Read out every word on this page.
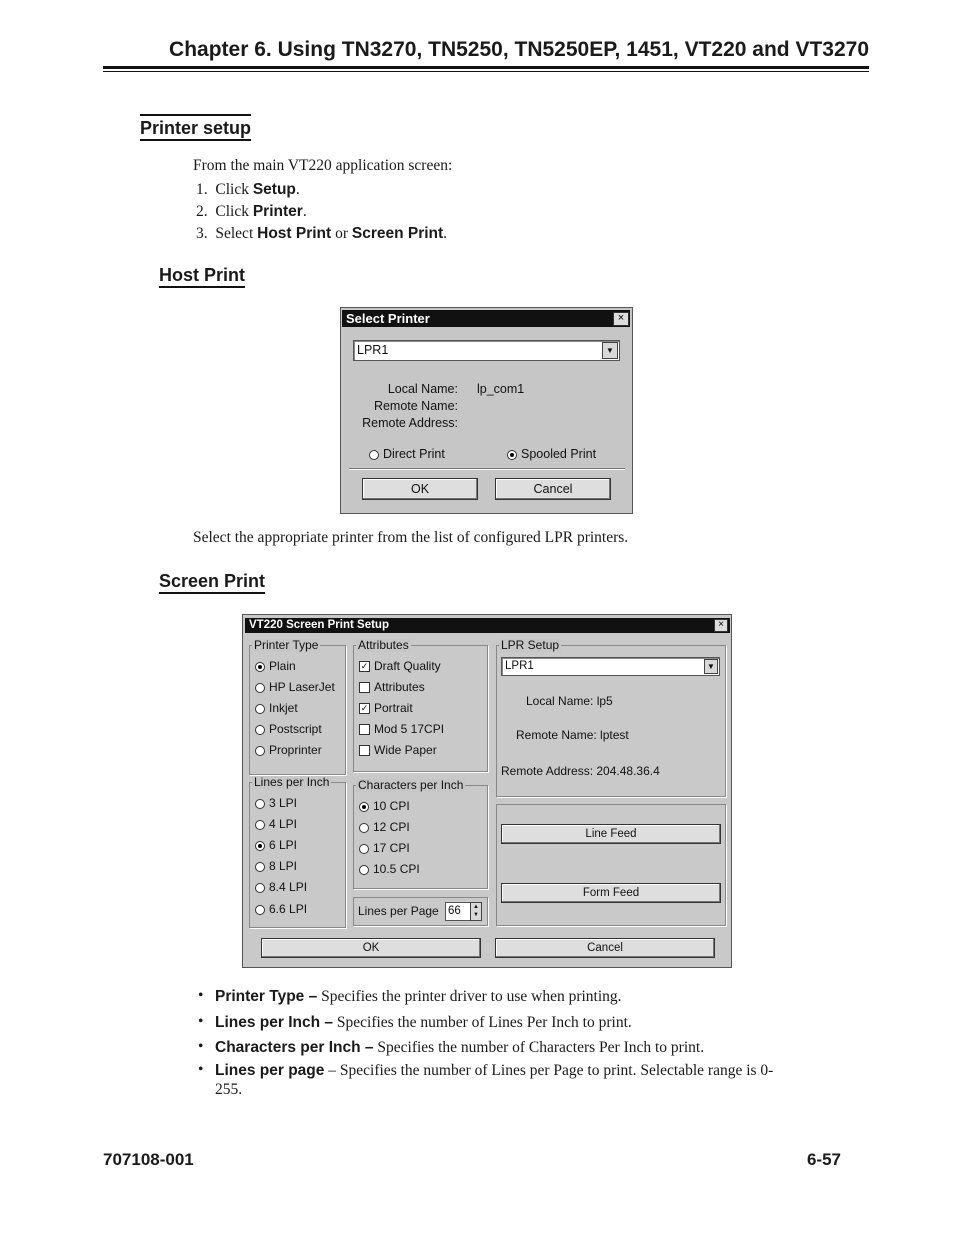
Chapter 6. Using TN3270, TN5250, TN5250EP, 1451, VT220 and VT3270
Printer setup
From the main VT220 application screen:
1. Click Setup.
2. Click Printer.
3. Select Host Print or Screen Print.
Host Print
Select Printer	×
LPR1	▼
Local Name: lp_com1
Remote Name:
Remote Address:
Direct Print	Spooled Print
OK	Cancel
Select the appropriate printer from the list of configured LPR printers.
Screen Print
VT220 Screen Print Setup	×
Printer Type
Plain
HP LaserJet
Inkjet
Postscript
Proprinter
Attributes
✓ Draft Quality
Attributes
✓ Portrait
Mod 5 17CPI
Wide Paper
LPR Setup
LPR1	▼
Local Name: lp5
Remote Name: lptest
Remote Address: 204.48.36.4
Lines per Inch
3 LPI
4 LPI
6 LPI
8 LPI
8.4 LPI
6.6 LPI
Characters per Inch
10 CPI
12 CPI
17 CPI
10.5 CPI
Lines per Page 66	▲
▼
Line Feed
Form Feed
OK	Cancel
• Printer Type – Specifies the printer driver to use when printing.
• Lines per Inch – Specifies the number of Lines Per Inch to print.
• Characters per Inch – Specifies the number of Characters Per Inch to print.
• Lines per page – Specifies the number of Lines per Page to print. Selectable range is 0-255.
707108-001	6-57
